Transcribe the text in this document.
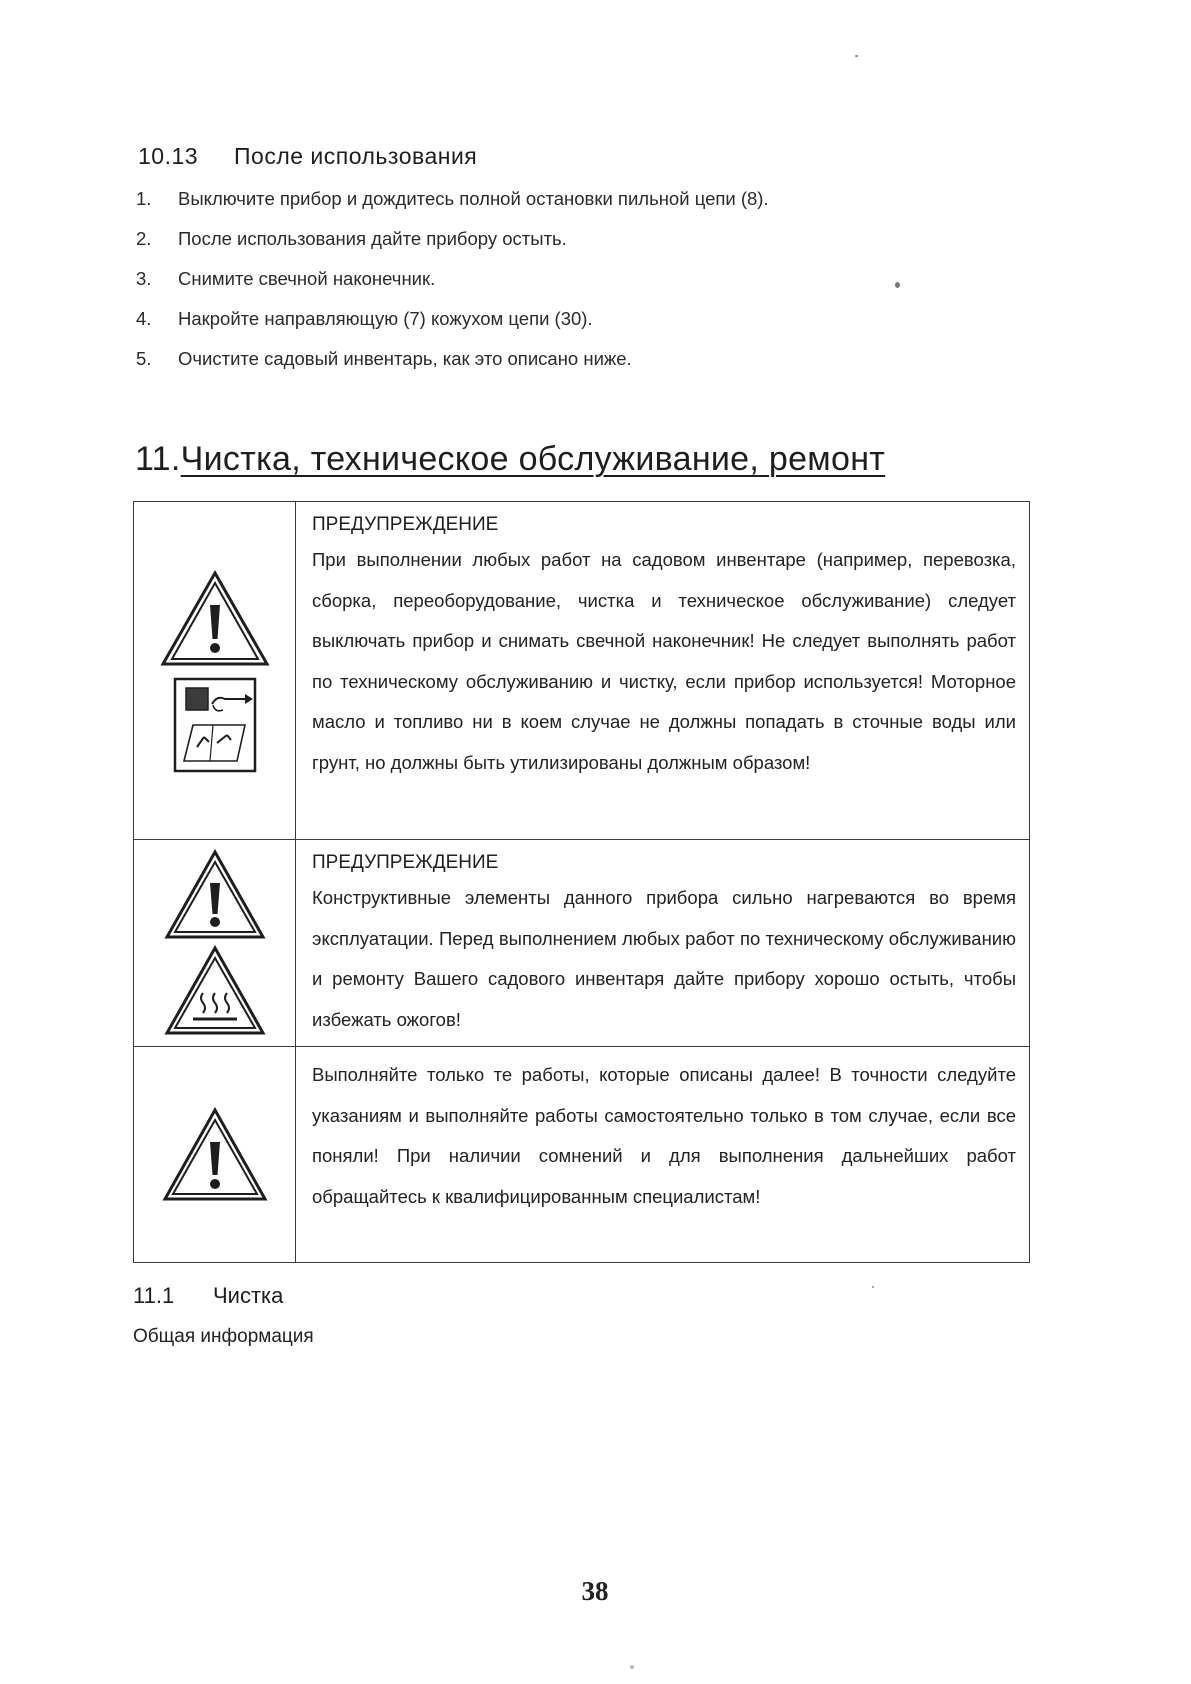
10.13 После использования
1. Выключите прибор и дождитесь полной остановки пильной цепи (8).
2. После использования дайте прибору остыть.
3. Снимите свечной наконечник.
4. Накройте направляющую (7) кожухом цепи (30).
5. Очистите садовый инвентарь, как это описано ниже.
11.Чистка, техническое обслуживание, ремонт

ПРЕДУПРЕЖДЕНИЕ
При выполнении любых работ на садовом инвентаре (например, перевозка, сборка, переоборудование, чистка и техническое обслуживание) следует выключать прибор и снимать свечной наконечник! Не следует выполнять работ по техническому обслуживанию и чистку, если прибор используется! Моторное масло и топливо ни в коем случае не должны попадать в сточные воды или грунт, но должны быть утилизированы должным образом!

ПРЕДУПРЕЖДЕНИЕ
Конструктивные элементы данного прибора сильно нагреваются во время эксплуатации. Перед выполнением любых работ по техническому обслуживанию и ремонту Вашего садового инвентаря дайте прибору хорошо остыть, чтобы избежать ожогов!

Выполняйте только те работы, которые описаны далее! В точности следуйте указаниям и выполняйте работы самостоятельно только в том случае, если все поняли! При наличии сомнений и для выполнения дальнейших работ обращайтесь к квалифицированным специалистам!
11.1 Чистка
Общая информация
38
